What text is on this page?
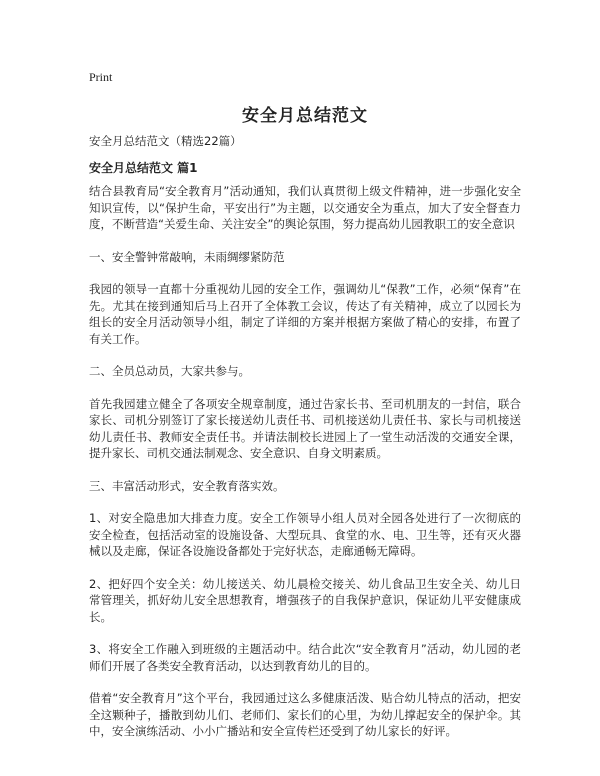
Print
安全月总结范文

安全月总结范文（精选22篇）

安全月总结范文 篇1

结合县教育局“安全教育月”活动通知，我们认真贯彻上级文件精神，进一步强化安全知识宣传，以“保护生命，平安出行”为主题，以交通安全为重点，加大了安全督查力度，不断营造“关爱生命、关注安全”的舆论氛围，努力提高幼儿园教职工的安全意识

一、安全警钟常敲响，未雨绸缪紧防范

我园的领导一直都十分重视幼儿园的安全工作，强调幼儿“保教”工作，必须“保育”在先。尤其在接到通知后马上召开了全体教工会议，传达了有关精神，成立了以园长为组长的安全月活动领导小组，制定了详细的方案并根据方案做了精心的安排，布置了有关工作。

二、全员总动员，大家共参与。

首先我园建立健全了各项安全规章制度，通过告家长书、至司机朋友的一封信，联合家长、司机分别签订了家长接送幼儿责任书、司机接送幼儿责任书、家长与司机接送幼儿责任书、教师安全责任书。并请法制校长进园上了一堂生动活泼的交通安全课，提升家长、司机交通法制观念、安全意识、自身文明素质。

三、丰富活动形式，安全教育落实效。

1、对安全隐患加大排查力度。安全工作领导小组人员对全园各处进行了一次彻底的安全检查，包括活动室的设施设备、大型玩具、食堂的水、电、卫生等，还有灭火器械以及走廊，保证各设施设备都处于完好状态，走廊通畅无障碍。

2、把好四个安全关：幼儿接送关、幼儿晨检交接关、幼儿食品卫生安全关、幼儿日常管理关，抓好幼儿安全思想教育，增强孩子的自我保护意识，保证幼儿平安健康成长。

3、将安全工作融入到班级的主题活动中。结合此次“安全教育月”活动，幼儿园的老师们开展了各类安全教育活动，以达到教育幼儿的目的。

借着“安全教育月”这个平台，我园通过这么多健康活泼、贴合幼儿特点的活动，把安全这颗种子，播散到幼儿们、老师们、家长们的心里，为幼儿撑起安全的保护伞。其中，安全演练活动、小小广播站和安全宣传栏还受到了幼儿家长的好评。
